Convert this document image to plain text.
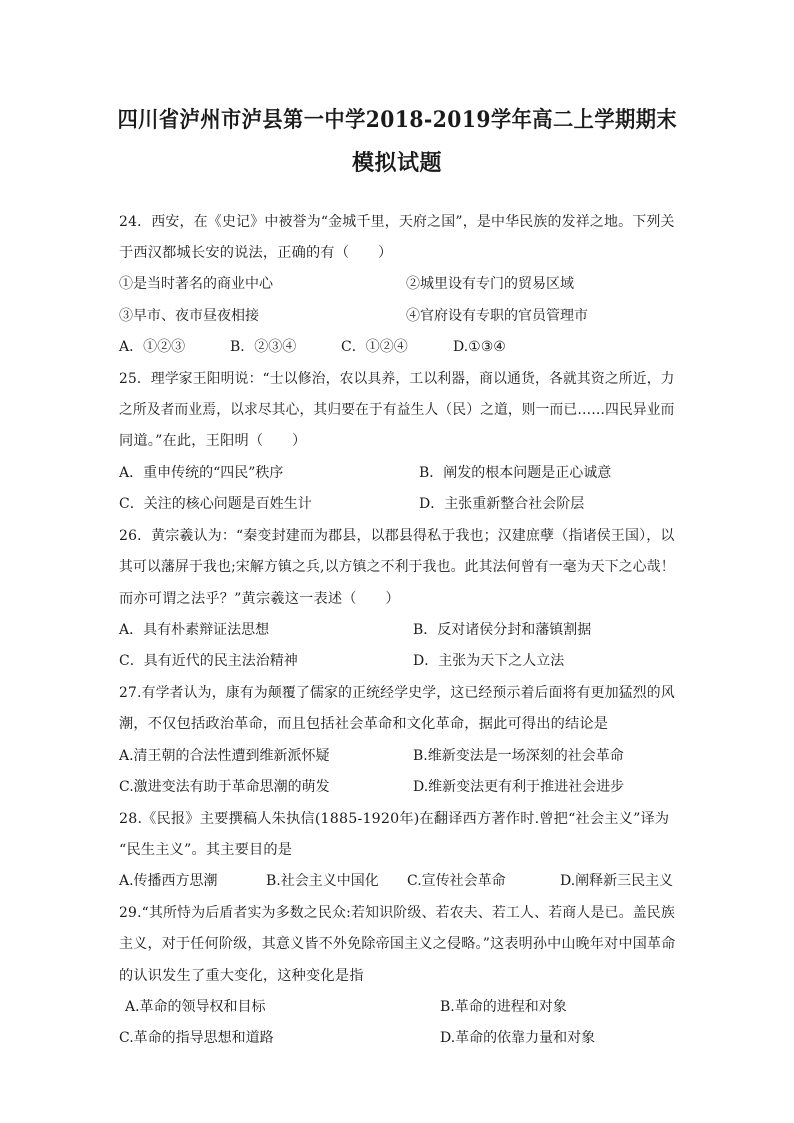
四川省泸州市泸县第一中学2018-2019学年高二上学期期末
模拟试题
24．西安，在《史记》中被誉为“金城千里，天府之国”，是中华民族的发祥之地。下列关
于西汉都城长安的说法，正确的有（　　）
①是当时著名的商业中心	②城里设有专门的贸易区域
③早市、夜市昼夜相接	④官府设有专职的官员管理市
A．①②③	B．②③④	C．①②④	D.①③④
25．理学家王阳明说：“士以修治，农以具养，工以利器，商以通货，各就其资之所近，力
之所及者而业焉，以求尽其心，其归要在于有益生人（民）之道，则一而已……四民异业而
同道。”在此，王阳明（　　）
A．重申传统的“四民”秩序	B．阐发的根本问题是正心诚意
C．关注的核心问题是百姓生计	D．主张重新整合社会阶层
26．黄宗羲认为：“秦变封建而为郡县，以郡县得私于我也；汉建庶孽（指诸侯王国），以
其可以藩屏于我也;宋解方镇之兵,以方镇之不利于我也。此其法何曾有一毫为天下之心哉！
而亦可谓之法乎？”黄宗羲这一表述（　　）
A．具有朴素辩证法思想	B．反对诸侯分封和藩镇割据
C．具有近代的民主法治精神	D．主张为天下之人立法
27.有学者认为，康有为颠覆了儒家的正统经学史学，这已经预示着后面将有更加猛烈的风
潮，不仅包括政治革命，而且包括社会革命和文化革命，据此可得出的结论是
A.清王朝的合法性遭到维新派怀疑	B.维新变法是一场深刻的社会革命
C.激进变法有助于革命思潮的萌发	D.维新变法更有利于推进社会进步
28.《民报》主要撰稿人朱执信(1885-1920年)在翻译西方著作时.曾把“社会主义”译为
“民生主义”。其主要目的是
A.传播西方思潮	B.社会主义中国化 C.宣传社会革命	D.阐释新三民主义
29.“其所恃为后盾者实为多数之民众:若知识阶级、若农夫、若工人、若商人是已。盖民族
主义，对于任何阶级，其意义皆不外免除帝国主义之侵略。”这表明孙中山晚年对中国革命
的认识发生了重大变化，这种变化是指
A.革命的领导权和目标	B.革命的进程和对象
C.革命的指导思想和道路	D.革命的依靠力量和对象
